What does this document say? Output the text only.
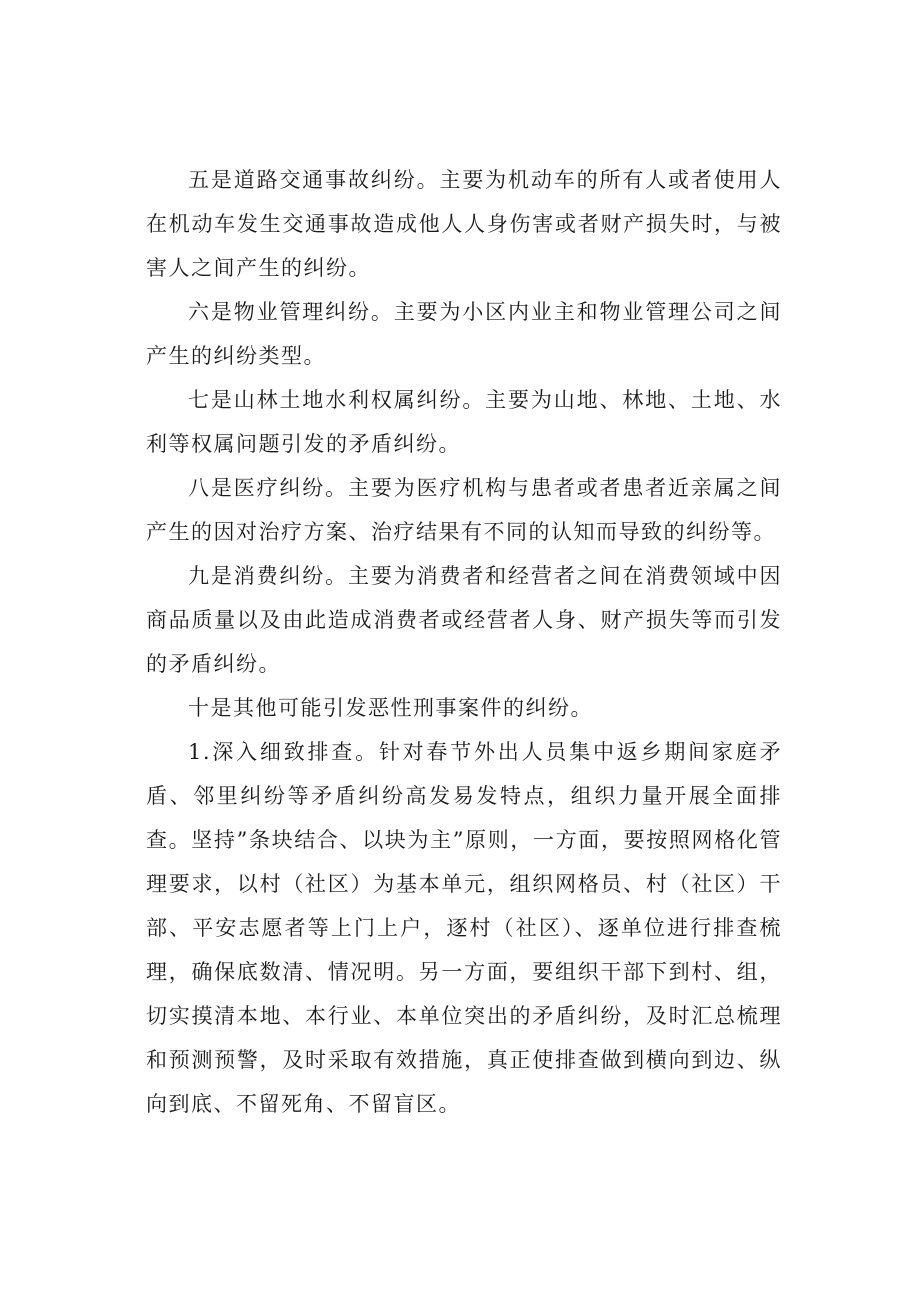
五是道路交通事故纠纷。主要为机动车的所有人或者使用人在机动车发生交通事故造成他人人身伤害或者财产损失时，与被害人之间产生的纠纷。

六是物业管理纠纷。主要为小区内业主和物业管理公司之间产生的纠纷类型。

七是山林土地水利权属纠纷。主要为山地、林地、土地、水利等权属问题引发的矛盾纠纷。

八是医疗纠纷。主要为医疗机构与患者或者患者近亲属之间产生的因对治疗方案、治疗结果有不同的认知而导致的纠纷等。

九是消费纠纷。主要为消费者和经营者之间在消费领域中因商品质量以及由此造成消费者或经营者人身、财产损失等而引发的矛盾纠纷。

十是其他可能引发恶性刑事案件的纠纷。

1.深入细致排查。针对春节外出人员集中返乡期间家庭矛盾、邻里纠纷等矛盾纠纷高发易发特点，组织力量开展全面排查。坚持”条块结合、以块为主”原则，一方面，要按照网格化管理要求，以村（社区）为基本单元，组织网格员、村（社区）干部、平安志愿者等上门上户，逐村（社区）、逐单位进行排查梳理，确保底数清、情况明。另一方面，要组织干部下到村、组，切实摸清本地、本行业、本单位突出的矛盾纠纷，及时汇总梳理和预测预警，及时采取有效措施，真正使排查做到横向到边、纵向到底、不留死角、不留盲区。
